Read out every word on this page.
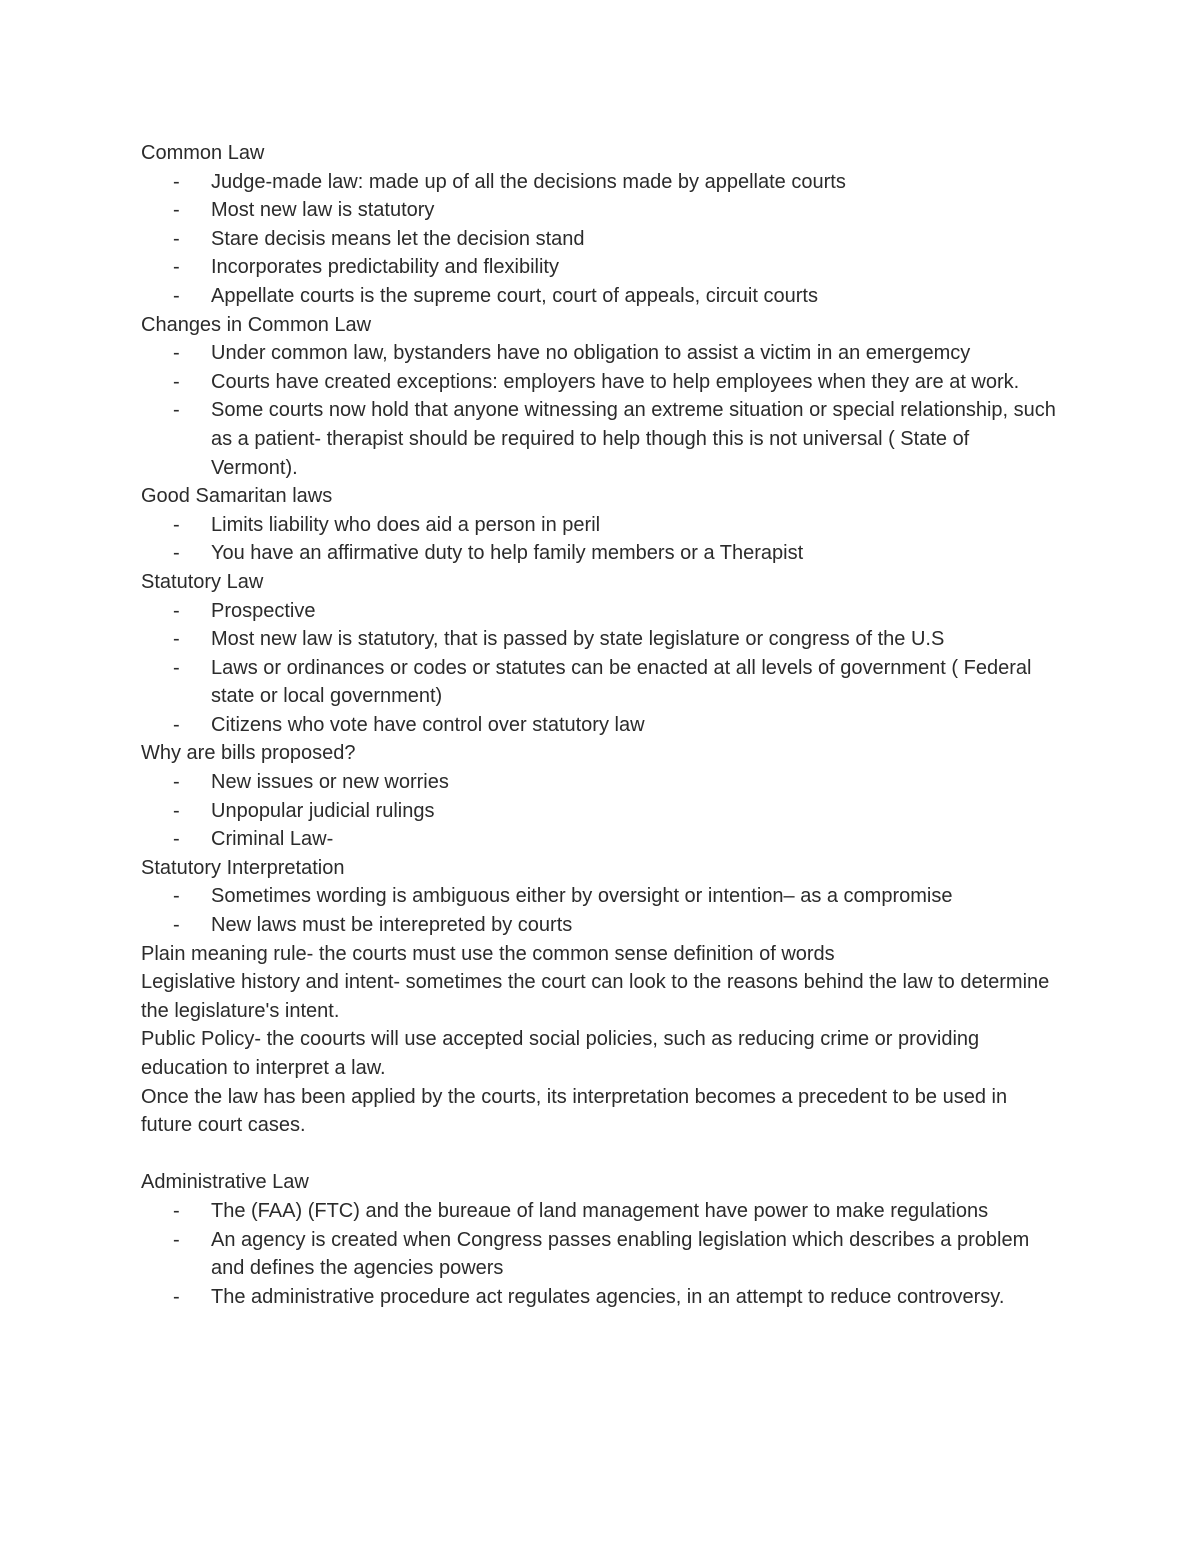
Common Law

- Judge-made law: made up of all the decisions made by appellate courts
- Most new law is statutory
- Stare decisis means let the decision stand
- Incorporates predictability and flexibility
- Appellate courts is the supreme court, court of appeals, circuit courts

Changes in Common Law

- Under common law, bystanders have no obligation to assist a victim in an emergemcy
- Courts have created exceptions: employers have to help employees when they are at work.
- Some courts now hold that anyone witnessing an extreme situation or special relationship, such as a patient- therapist should be required to help though this is not universal ( State of Vermont).

Good Samaritan laws

- Limits liability who does aid a person in peril
- You have an affirmative duty to help family members or a Therapist

Statutory Law

- Prospective
- Most new law is statutory, that is passed by state legislature or congress of the U.S
- Laws or ordinances or codes or statutes can be enacted at all levels of government ( Federal state or local government)
- Citizens who vote have control over statutory law

Why are bills proposed?

- New issues or new worries
- Unpopular judicial rulings
- Criminal Law-

Statutory Interpretation

- Sometimes wording is ambiguous either by oversight or intention– as a compromise
- New laws must be interepreted by courts

Plain meaning rule- the courts must use the common sense definition of words

Legislative history and intent- sometimes the court can look to the reasons behind the law to determine the legislature's intent.

Public Policy- the coourts will use accepted social policies, such as reducing crime or providing education to interpret a law.

Once the law has been applied by the courts, its interpretation becomes a precedent to be used in future court cases.

Administrative Law

- The (FAA) (FTC) and the bureaue of land management have power to make regulations
- An agency is created when Congress passes enabling legislation which describes a problem and defines the agencies powers
- The administrative procedure act regulates agencies, in an attempt to reduce controversy.
